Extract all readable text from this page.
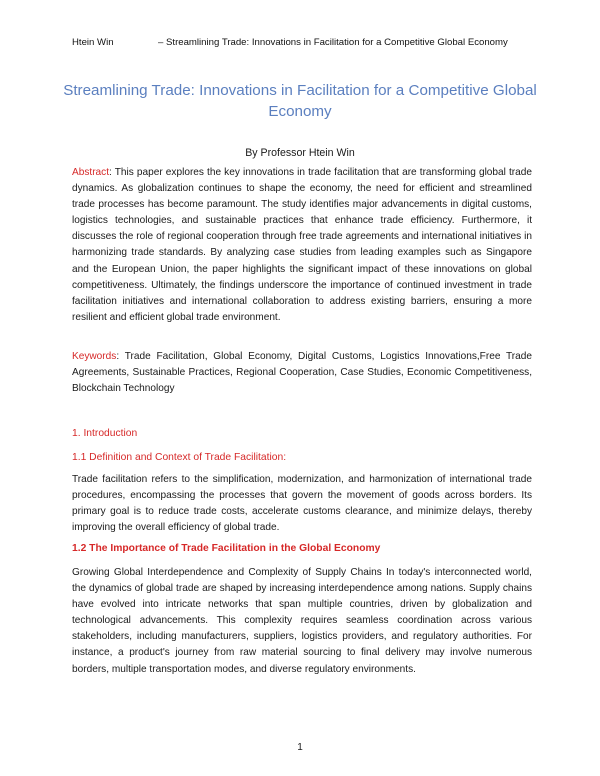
Htein Win	– Streamlining Trade: Innovations in Facilitation for a Competitive Global Economy
Streamlining Trade: Innovations in Facilitation for a Competitive Global Economy
By Professor Htein Win
Abstract: This paper explores the key innovations in trade facilitation that are transforming global trade dynamics. As globalization continues to shape the economy, the need for efficient and streamlined trade processes has become paramount. The study identifies major advancements in digital customs, logistics technologies, and sustainable practices that enhance trade efficiency. Furthermore, it discusses the role of regional cooperation through free trade agreements and international initiatives in harmonizing trade standards. By analyzing case studies from leading examples such as Singapore and the European Union, the paper highlights the significant impact of these innovations on global competitiveness. Ultimately, the findings underscore the importance of continued investment in trade facilitation initiatives and international collaboration to address existing barriers, ensuring a more resilient and efficient global trade environment.
Keywords: Trade Facilitation, Global Economy, Digital Customs, Logistics Innovations,Free Trade Agreements, Sustainable Practices, Regional Cooperation, Case Studies, Economic Competitiveness, Blockchain Technology
1. Introduction
1.1 Definition and Context of Trade Facilitation:
Trade facilitation refers to the simplification, modernization, and harmonization of international trade procedures, encompassing the processes that govern the movement of goods across borders. Its primary goal is to reduce trade costs, accelerate customs clearance, and minimize delays, thereby improving the overall efficiency of global trade.
1.2 The Importance of Trade Facilitation in the Global Economy
Growing Global Interdependence and Complexity of Supply Chains In today's interconnected world, the dynamics of global trade are shaped by increasing interdependence among nations. Supply chains have evolved into intricate networks that span multiple countries, driven by globalization and technological advancements. This complexity requires seamless coordination across various stakeholders, including manufacturers, suppliers, logistics providers, and regulatory authorities. For instance, a product's journey from raw material sourcing to final delivery may involve numerous borders, multiple transportation modes, and diverse regulatory environments.
1
